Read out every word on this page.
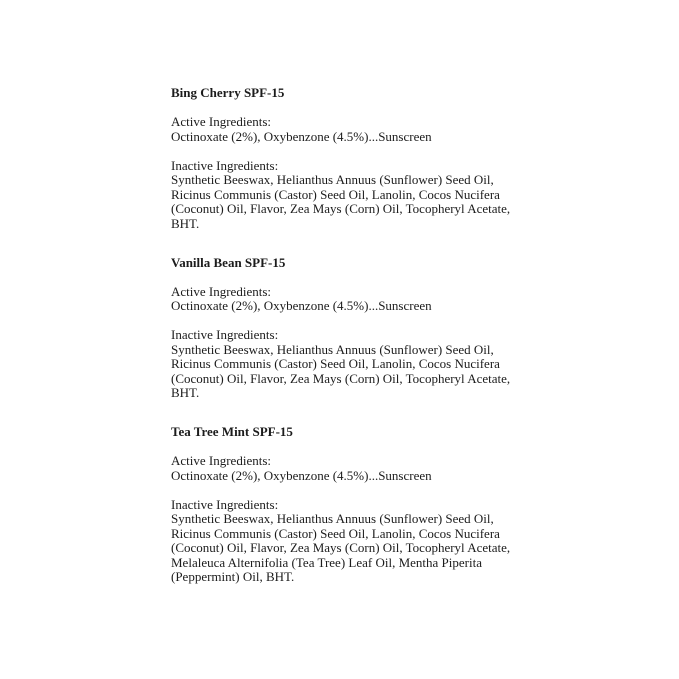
Bing Cherry SPF-15
Active Ingredients:
Octinoxate (2%), Oxybenzone (4.5%)...Sunscreen
Inactive Ingredients:
Synthetic Beeswax, Helianthus Annuus (Sunflower) Seed Oil,
Ricinus Communis (Castor) Seed Oil, Lanolin, Cocos Nucifera
(Coconut) Oil, Flavor, Zea Mays (Corn) Oil, Tocopheryl Acetate,
BHT.
Vanilla Bean SPF-15
Active Ingredients:
Octinoxate (2%), Oxybenzone (4.5%)...Sunscreen
Inactive Ingredients:
Synthetic Beeswax, Helianthus Annuus (Sunflower) Seed Oil,
Ricinus Communis (Castor) Seed Oil, Lanolin, Cocos Nucifera
(Coconut) Oil, Flavor, Zea Mays (Corn) Oil, Tocopheryl Acetate,
BHT.
Tea Tree Mint SPF-15
Active Ingredients:
Octinoxate (2%), Oxybenzone (4.5%)...Sunscreen
Inactive Ingredients:
Synthetic Beeswax, Helianthus Annuus (Sunflower) Seed Oil,
Ricinus Communis (Castor) Seed Oil, Lanolin, Cocos Nucifera
(Coconut) Oil, Flavor, Zea Mays (Corn) Oil, Tocopheryl Acetate,
Melaleuca Alternifolia (Tea Tree) Leaf Oil, Mentha Piperita
(Peppermint) Oil, BHT.
